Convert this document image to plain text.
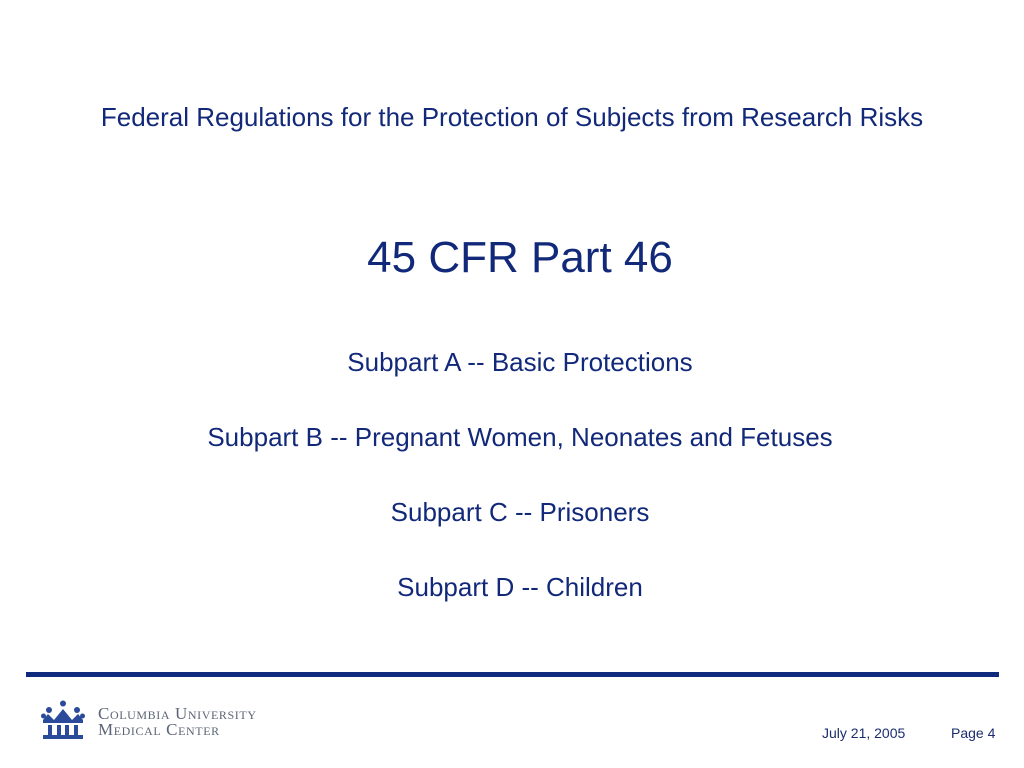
Federal Regulations for the Protection of Subjects from Research Risks
45 CFR Part 46
Subpart A -- Basic Protections
Subpart B -- Pregnant Women, Neonates and Fetuses
Subpart C -- Prisoners
Subpart D -- Children
Columbia University
Medical Center	July 21, 2005	Page 4
